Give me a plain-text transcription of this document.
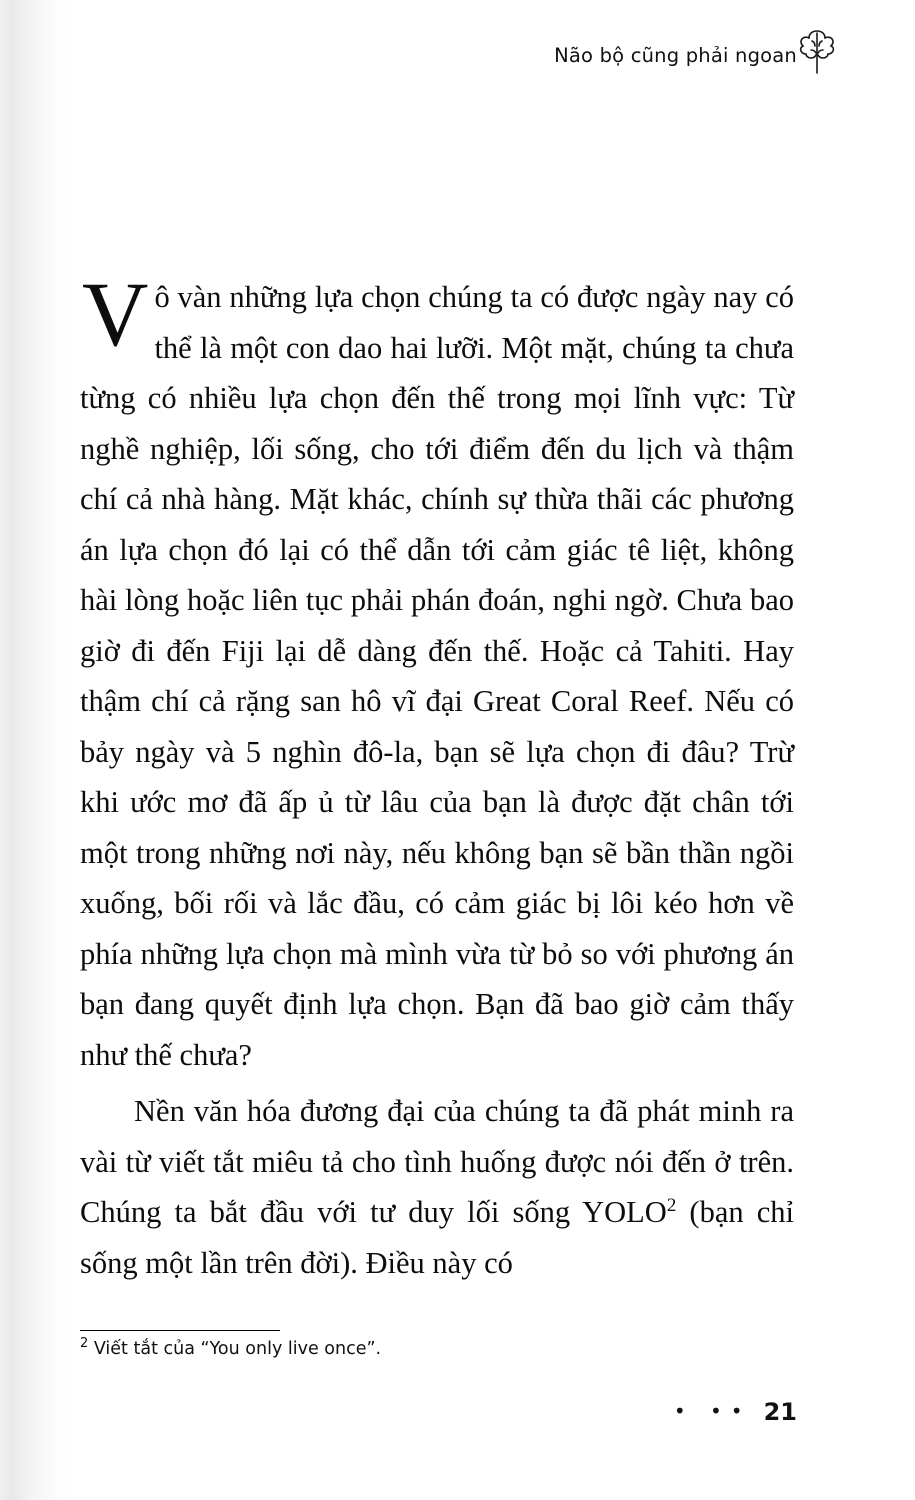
Não bộ cũng phải ngoan

Vô vàn những lựa chọn chúng ta có được ngày nay có thể là một con dao hai lưỡi. Một mặt, chúng ta chưa từng có nhiều lựa chọn đến thế trong mọi lĩnh vực: Từ nghề nghiệp, lối sống, cho tới điểm đến du lịch và thậm chí cả nhà hàng. Mặt khác, chính sự thừa thãi các phương án lựa chọn đó lại có thể dẫn tới cảm giác tê liệt, không hài lòng hoặc liên tục phải phán đoán, nghi ngờ. Chưa bao giờ đi đến Fiji lại dễ dàng đến thế. Hoặc cả Tahiti. Hay thậm chí cả rặng san hô vĩ đại Great Coral Reef. Nếu có bảy ngày và 5 nghìn đô-la, bạn sẽ lựa chọn đi đâu? Trừ khi ước mơ đã ấp ủ từ lâu của bạn là được đặt chân tới một trong những nơi này, nếu không bạn sẽ bần thần ngồi xuống, bối rối và lắc đầu, có cảm giác bị lôi kéo hơn về phía những lựa chọn mà mình vừa từ bỏ so với phương án bạn đang quyết định lựa chọn. Bạn đã bao giờ cảm thấy như thế chưa?

Nền văn hóa đương đại của chúng ta đã phát minh ra vài từ viết tắt miêu tả cho tình huống được nói đến ở trên. Chúng ta bắt đầu với tư duy lối sống YOLO$^2$ (bạn chỉ sống một lần trên đời). Điều này có

$^2$ Viết tắt của “You only live once”.
• •• 21
